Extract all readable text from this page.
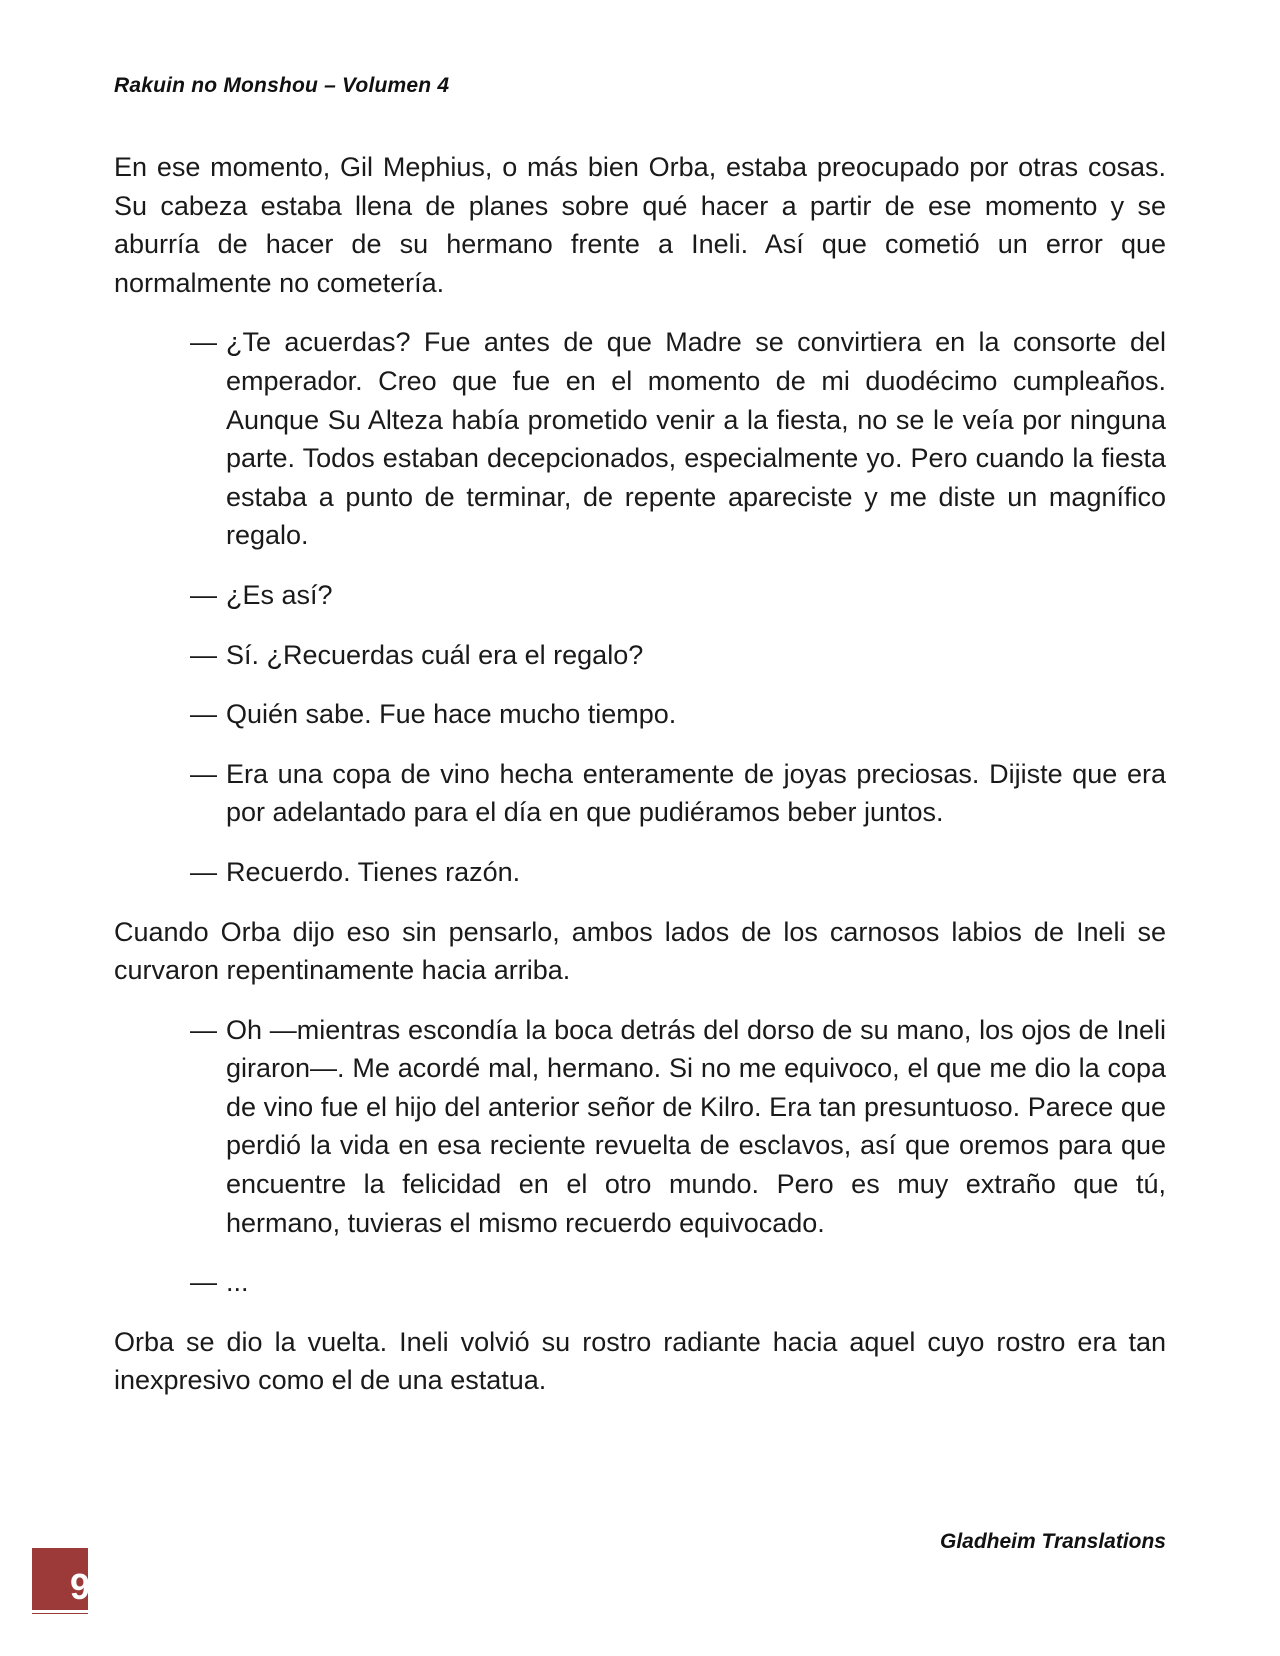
Rakuin no Monshou – Volumen 4

En ese momento, Gil Mephius, o más bien Orba, estaba preocupado por otras cosas. Su cabeza estaba llena de planes sobre qué hacer a partir de ese momento y se aburría de hacer de su hermano frente a Ineli. Así que cometió un error que normalmente no cometería.

— ¿Te acuerdas? Fue antes de que Madre se convirtiera en la consorte del emperador. Creo que fue en el momento de mi duodécimo cumpleaños. Aunque Su Alteza había prometido venir a la fiesta, no se le veía por ninguna parte. Todos estaban decepcionados, especialmente yo. Pero cuando la fiesta estaba a punto de terminar, de repente apareciste y me diste un magnífico regalo.

— ¿Es así?

— Sí. ¿Recuerdas cuál era el regalo?

— Quién sabe. Fue hace mucho tiempo.

— Era una copa de vino hecha enteramente de joyas preciosas. Dijiste que era por adelantado para el día en que pudiéramos beber juntos.

— Recuerdo. Tienes razón.

Cuando Orba dijo eso sin pensarlo, ambos lados de los carnosos labios de Ineli se curvaron repentinamente hacia arriba.

— Oh —mientras escondía la boca detrás del dorso de su mano, los ojos de Ineli giraron—. Me acordé mal, hermano. Si no me equivoco, el que me dio la copa de vino fue el hijo del anterior señor de Kilro. Era tan presuntuoso. Parece que perdió la vida en esa reciente revuelta de esclavos, así que oremos para que encuentre la felicidad en el otro mundo. Pero es muy extraño que tú, hermano, tuvieras el mismo recuerdo equivocado.

— ...

Orba se dio la vuelta. Ineli volvió su rostro radiante hacia aquel cuyo rostro era tan inexpresivo como el de una estatua.

Gladheim Translations
9
